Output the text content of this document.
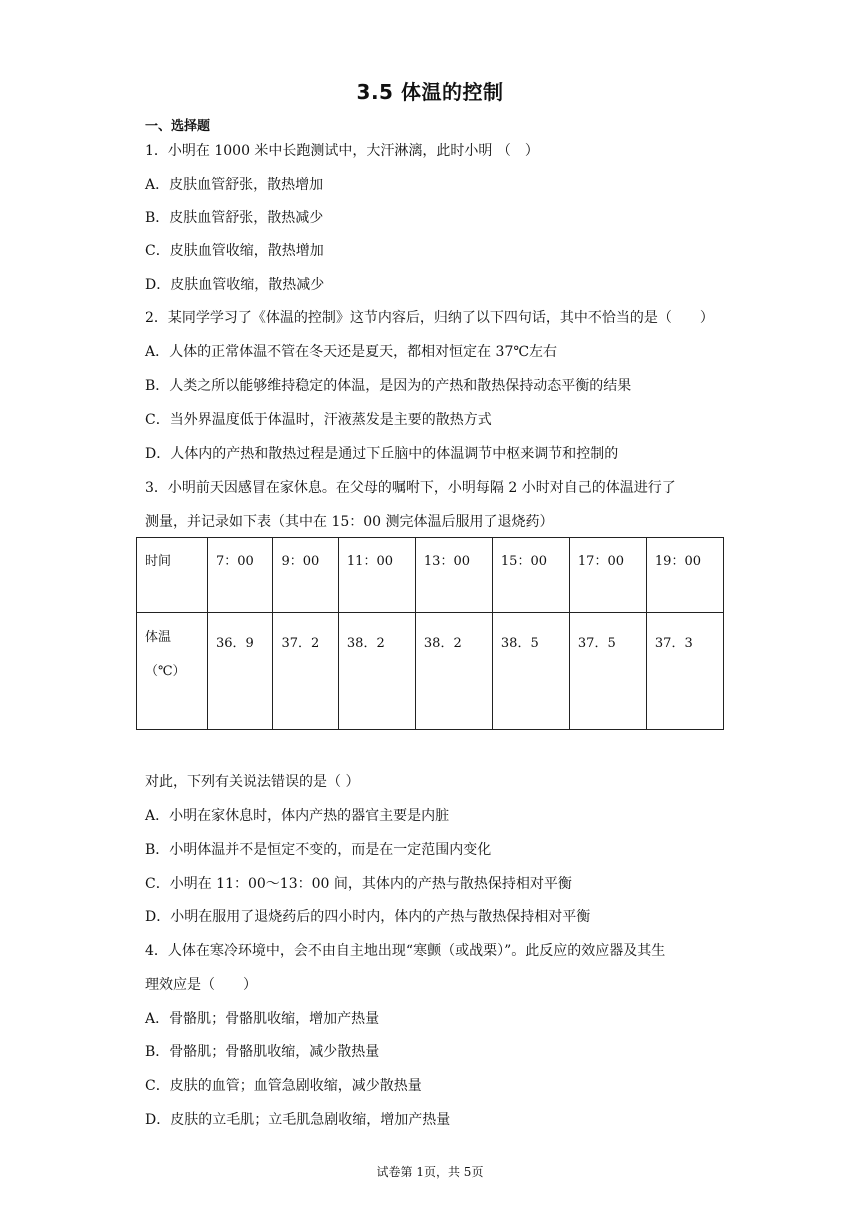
3.5 体温的控制
一、选择题
1．小明在 1000 米中长跑测试中，大汗淋漓，此时小明 （　）
A．皮肤血管舒张，散热增加
B．皮肤血管舒张，散热减少
C．皮肤血管收缩，散热增加
D．皮肤血管收缩，散热减少
2．某同学学习了《体温的控制》这节内容后，归纳了以下四句话，其中不恰当的是（　　）
A．人体的正常体温不管在冬天还是夏天，都相对恒定在 37℃左右
B．人类之所以能够维持稳定的体温，是因为的产热和散热保持动态平衡的结果
C．当外界温度低于体温时，汗液蒸发是主要的散热方式
D．人体内的产热和散热过程是通过下丘脑中的体温调节中枢来调节和控制的
3．小明前天因感冒在家休息。在父母的嘱咐下，小明每隔 2 小时对自己的体温进行了
测量，并记录如下表（其中在 15：00 测完体温后服用了退烧药）
时间	7：00	9：00	11：00	13：00	15：00	17：00	19：00
体温
（℃）	36．9	37．2	38．2	38．2	38．5	37．5	37．3
对此，下列有关说法错误的是（ ）
A．小明在家休息时，体内产热的器官主要是内脏
B．小明体温并不是恒定不变的，而是在一定范围内变化
C．小明在 11：00～13：00 间，其体内的产热与散热保持相对平衡
D．小明在服用了退烧药后的四小时内，体内的产热与散热保持相对平衡
4．人体在寒冷环境中，会不由自主地出现“寒颤（或战栗）”。此反应的效应器及其生
理效应是（　　）
A．骨骼肌；骨骼肌收缩，增加产热量
B．骨骼肌；骨骼肌收缩，减少散热量
C．皮肤的血管；血管急剧收缩，减少散热量
D．皮肤的立毛肌；立毛肌急剧收缩，增加产热量
试卷第 1页，共 5页
